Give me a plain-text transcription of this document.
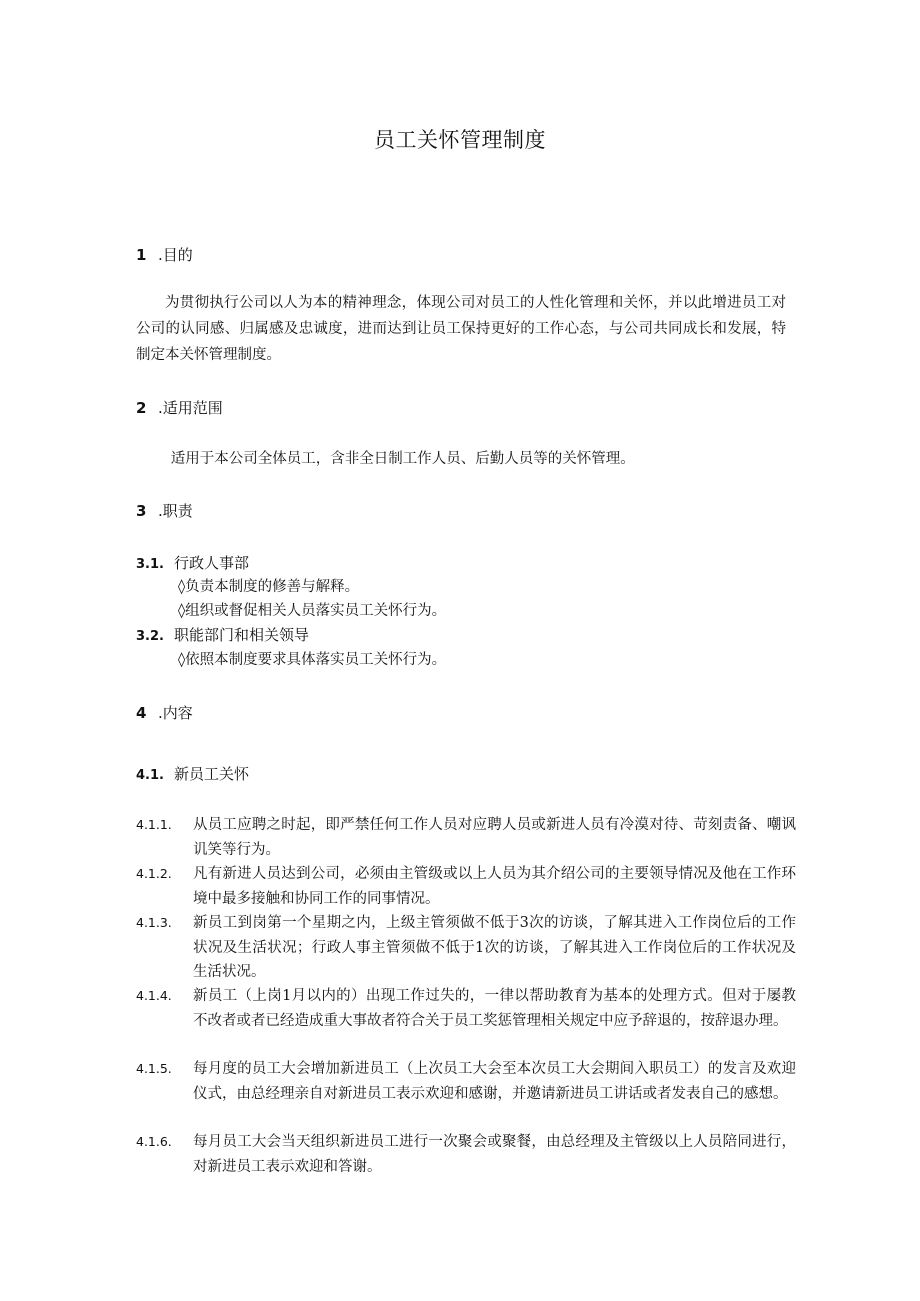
员工关怀管理制度
1 .目的
为贯彻执行公司以人为本的精神理念，体现公司对员工的人性化管理和关怀，并以此增进员工对公司的认同感、归属感及忠诚度，进而达到让员工保持更好的工作心态，与公司共同成长和发展，特制定本关怀管理制度。
2 .适用范围
适用于本公司全体员工，含非全日制工作人员、后勤人员等的关怀管理。
3 .职责
3.1. 行政人事部
◊负责本制度的修善与解释。
◊组织或督促相关人员落实员工关怀行为。
3.2. 职能部门和相关领导
◊依照本制度要求具体落实员工关怀行为。
4 .内容
4.1. 新员工关怀
4.1.1.	从员工应聘之时起，即严禁任何工作人员对应聘人员或新进人员有冷漠对待、苛刻责备、嘲讽讥笑等行为。
4.1.2.	凡有新进人员达到公司，必须由主管级或以上人员为其介绍公司的主要领导情况及他在工作环境中最多接触和协同工作的同事情况。
4.1.3.	新员工到岗第一个星期之内，上级主管须做不低于3次的访谈，了解其进入工作岗位后的工作状况及生活状况；行政人事主管须做不低于1次的访谈，了解其进入工作岗位后的工作状况及生活状况。
4.1.4.	新员工（上岗1月以内的）出现工作过失的，一律以帮助教育为基本的处理方式。但对于屡教不改者或者已经造成重大事故者符合关于员工奖惩管理相关规定中应予辞退的，按辞退办理。
4.1.5.	每月度的员工大会增加新进员工（上次员工大会至本次员工大会期间入职员工）的发言及欢迎仪式，由总经理亲自对新进员工表示欢迎和感谢，并邀请新进员工讲话或者发表自己的感想。
4.1.6.	每月员工大会当天组织新进员工进行一次聚会或聚餐，由总经理及主管级以上人员陪同进行，对新进员工表示欢迎和答谢。
